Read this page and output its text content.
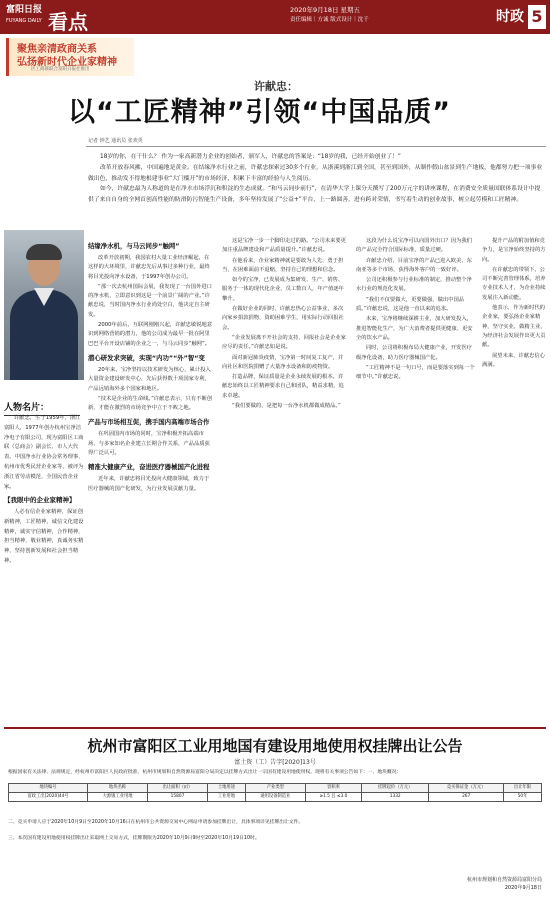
富阳日报
FUYANG DAILY 看点	2020年9月18日 星期五
责任编辑｜方诚 版式设计｜沈千	时政 5
聚焦亲清政商关系
弘扬新时代企业家精神
区工商联联合富阳日报社推出
许献忠：
以“工匠精神”引领“中国品质”
记者 钟艺 通讯员 张欢英

18岁的你，在干什么？ 作为一家高新潜力企业的创始者，颁军人，许献忠的答案是：“18岁的我，已经开始创业了！”

改革开放春风拂，中国遍地是黄金。在结缘净水行业之前，许献忠探索过30多个行业，从浙溪到浙江到全国，甚至到国外，从制作假山盆景到生产地板，他都努力把一项事业做出色，推动发不得地根建事业“大门槛开”的市场经济，积累下丰富的经验与人生阅历。

如今，许献忠最为人称道的是在净水市场浮沉和积淀的生态成就。“和马云同步前行”，在清华大学上课分天撰写了200万元字的讲座课程，在消费安全质量国联体系设计中提供了来自自身的全网首创高性能的防滑防污智能生产设备，多年坚持发展了“公益+”平台，上一路圆善，进有跨对荣情，书写着生动的创业故事，树立起劳模和工匠精神。

人物名片：
许献忠，生于1959年，浙江富阳人，1977年创办杭州宝净洁净电子有限公司，现为富阳区工商联（总商会）副会长、市人大代表、中国净水行业协会常务理事、杭州市优秀民营企业家等，被评为浙江省劳动模范、全国民营企业家。
【我眼中的企业家精神】
人必有信企业家精神，保证创新精神，工匠精神，诚信文化建设精神，诚实守信精神，合作精神，担当精神，敬业精神，真诚务实精神，坚持创新发展和社会担当精神。
结缘净水机，与马云同步“触网”

改革开放初期，我国农村大量工业经济崛起，在这样的大环境里，许献忠先后从事过多种行业，最终将目光投向净水设备，于1997年创办公司。

“那一次去杭州国际会展，我发现了一台国外进口的净水机，立即意识到这是一个前景广阔的产业。”许献忠说，当时国内净水行业尚处空白，他决定自主研发。

2000年前后，互联网刚刚兴起，许献忠敏锐地意识到网络营销的潜力，他的公司成为最早一批在阿里巴巴平台开设店铺的企业之一，与马云同步“触网”。

潜心研发求突破，实现“内功”“外”智“变

20年来，宝净坚持以技术研发为核心，累计投入大量资金建设研发中心，先后获得数十项国家专利，产品远销海外多个国家和地区。

“技术是企业的生命线。”许献忠表示，只有不断创新，才能在激烈的市场竞争中立于不败之地。

产品与市场相互促，携手国内高端市场合作

在巩固国内市场的同时，宝净积极开拓高端市场，与多家知名企业建立长期合作关系，产品品质获得广泛认可。

精准大健康产业，奋进医疗器械国产化进程

近年来，许献忠将目光投向大健康领域，致力于医疗器械的国产化研发，为行业发展贡献力量。

这是宝净一步一个脚印走过的路。“公司未来要更加注重品牌建设和产品质量提升。”许献忠说。

在他看来，企业家精神就是要敢为人先、勇于担当，在困难面前不退缩，坚持自己的理想和信念。

如今的宝净，已发展成为集研发、生产、销售、服务于一体的现代化企业，员工数百人，年产值逐年攀升。

在做好企业的同时，许献忠热心公益事业，多次向家乡捐款捐物，资助困难学生，用实际行动回报社会。

“企业发展离不开社会的支持，回报社会是企业家应尽的责任。”许献忠如是说。

面对新冠肺炎疫情，宝净第一时间复工复产，并向社区和医院捐赠了大量净水设备和防疫物资。

打造品牌，保证质量是企业永续发展的根本。许献忠始终以工匠精神要求自己和团队，精益求精，追求卓越。

“我们要做的，是把每一台净水机都做成精品。”

这段为什么说宝净可以向国外出口？因为我们的产品完全符合国际标准，质量过硬。

许献忠介绍，目前宝净的产品已进入欧美、东南亚等多个市场，获得海外客户的一致好评。

公司还积极参与行业标准的制定，推动整个净水行业的规范化发展。

“我们不仅要做大，更要做强，做出中国品质。”许献忠说，这是他一直以来的追求。

未来，宝净将继续深耕主业，加大研发投入，推进智能化生产，为广大消费者提供更健康、更安全的饮水产品。

同时，公司将积极布局大健康产业，开发医疗级净化设备，助力医疗器械国产化。

“工匠精神不是一句口号，而是要落实到每一个细节中。”许献忠说。

提升产品的附加值和竞争力，是宝净始终坚持的方向。

在许献忠的带领下，公司不断完善管理体系，培养专业技术人才，为企业持续发展注入新动能。

他表示，作为新时代的企业家，要弘扬企业家精神，坚守实业，做精主业，为经济社会发展作出更大贡献。

展望未来，许献忠信心满满。

杭州市富阳区工业用地国有建设用地使用权挂牌出让公告
富土资（工）告字[2020]13号
根据国家有关法律、法规规定，经杭州市富阳区人民政府批准，杭州市规划和自然资源局富阳分局决定以挂牌方式出让一宗国有建设用地使用权。现将有关事项公告如下：一、地块概况：
地块编号	地块名称	出让面积（㎡）	土地用途	产业类型	容积率	挂牌起价（万元）	竞买保证金（万元）	出让年限
富政工出[2020]44号	大源镇工业用地	15807	工业用地	通用设备制造业	≥1.5 且 ≤3.0	1332	267	50年
二、竞买申请人应于2020年10月9日至2020年10月16日在杭州市公共资源交易中心网站申请参加挂牌出让，具体事项详见挂牌出让文件。
三、本次国有建设用地使用权挂牌出让采取网上交易方式，挂牌期限为2020年10月9日9时至2020年10月19日10时。
杭州市规划和自然资源局富阳分局
2020年9月18日
